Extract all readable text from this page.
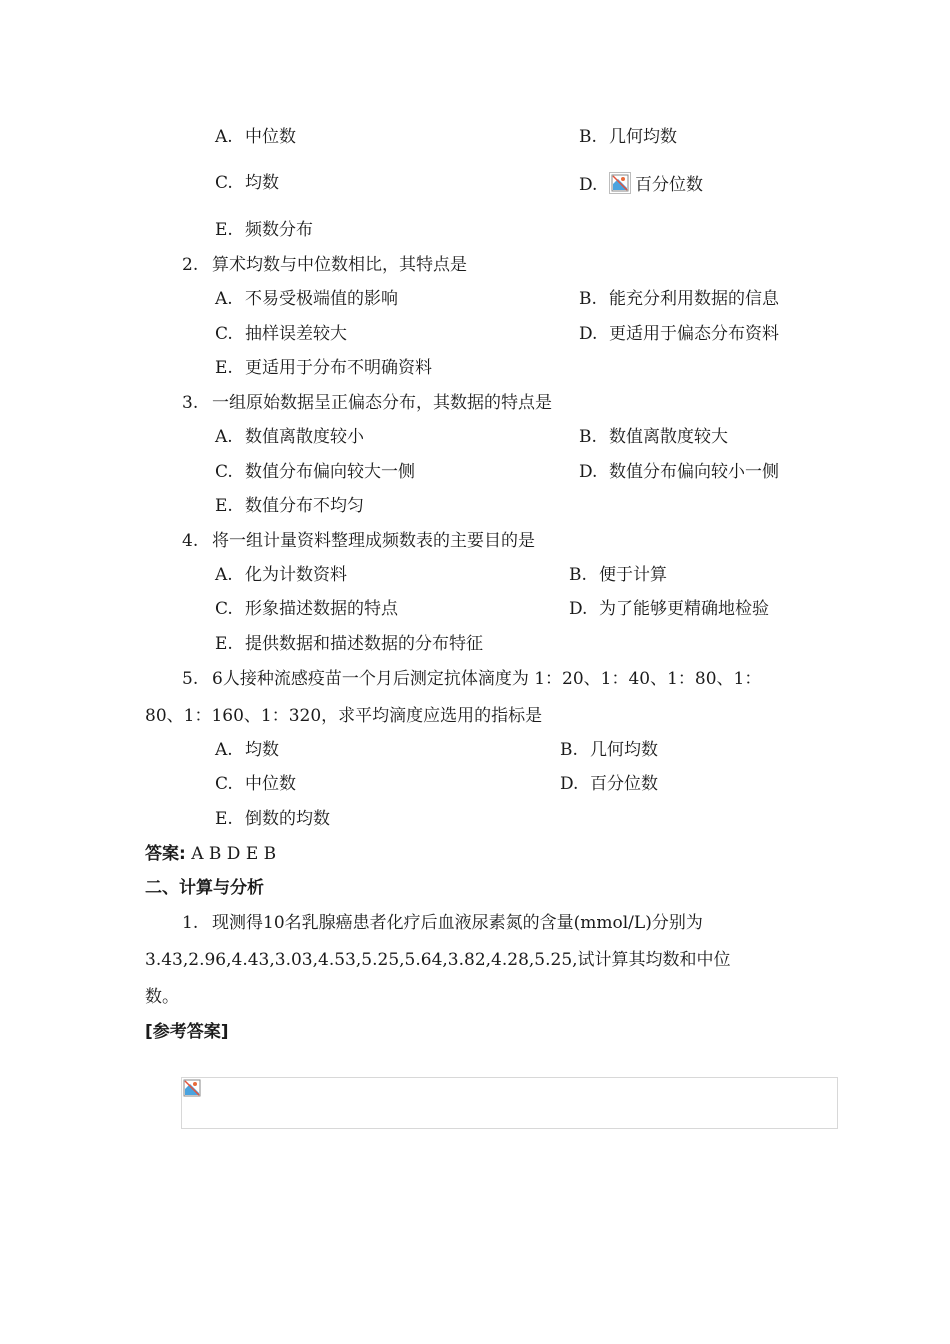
A. 中位数	B. 几何均数
C. 均数	D. 百分位数
E. 频数分布
2. 算术均数与中位数相比，其特点是
A. 不易受极端值的影响	B. 能充分利用数据的信息
C. 抽样误差较大	D. 更适用于偏态分布资料
E. 更适用于分布不明确资料
3. 一组原始数据呈正偏态分布，其数据的特点是
A. 数值离散度较小	B. 数值离散度较大
C. 数值分布偏向较大一侧	D. 数值分布偏向较小一侧
E. 数值分布不均匀
4. 将一组计量资料整理成频数表的主要目的是
A. 化为计数资料	B. 便于计算
C. 形象描述数据的特点	D. 为了能够更精确地检验
E. 提供数据和描述数据的分布特征
5. 6人接种流感疫苗一个月后测定抗体滴度为 1：20、1：40、1：80、1：
80、1：160、1：320，求平均滴度应选用的指标是
A. 均数	B. 几何均数
C. 中位数	D. 百分位数
E. 倒数的均数
答案: A B D E B
二、计算与分析
1. 现测得10名乳腺癌患者化疗后血液尿素氮的含量(mmol/L)分别为
3.43,2.96,4.43,3.03,4.53,5.25,5.64,3.82,4.28,5.25,试计算其均数和中位
数。
[参考答案]
